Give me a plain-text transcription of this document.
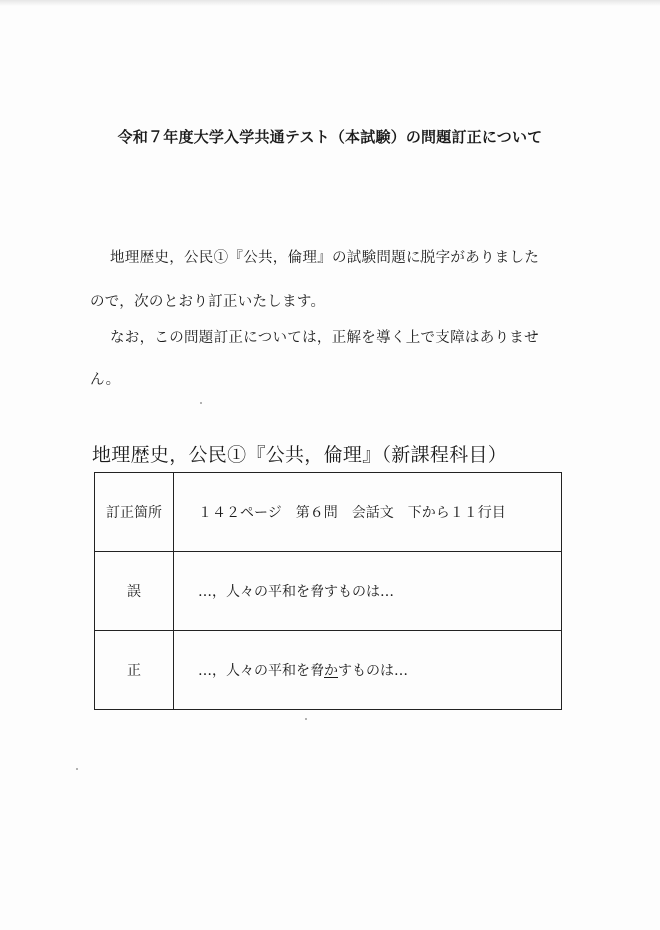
令和７年度大学入学共通テスト（本試験）の問題訂正について
地理歴史，公民①『公共，倫理』の試験問題に脱字がありました
ので，次のとおり訂正いたします。
なお，この問題訂正については，正解を導く上で支障はありませ
ん。
地理歴史，公民①『公共，倫理』（新課程科目）
訂正箇所	１４２ページ　第６問　会話文　下から１１行目
誤	…，人々の平和を脅すものは…
正	…，人々の平和を脅かすものは…
